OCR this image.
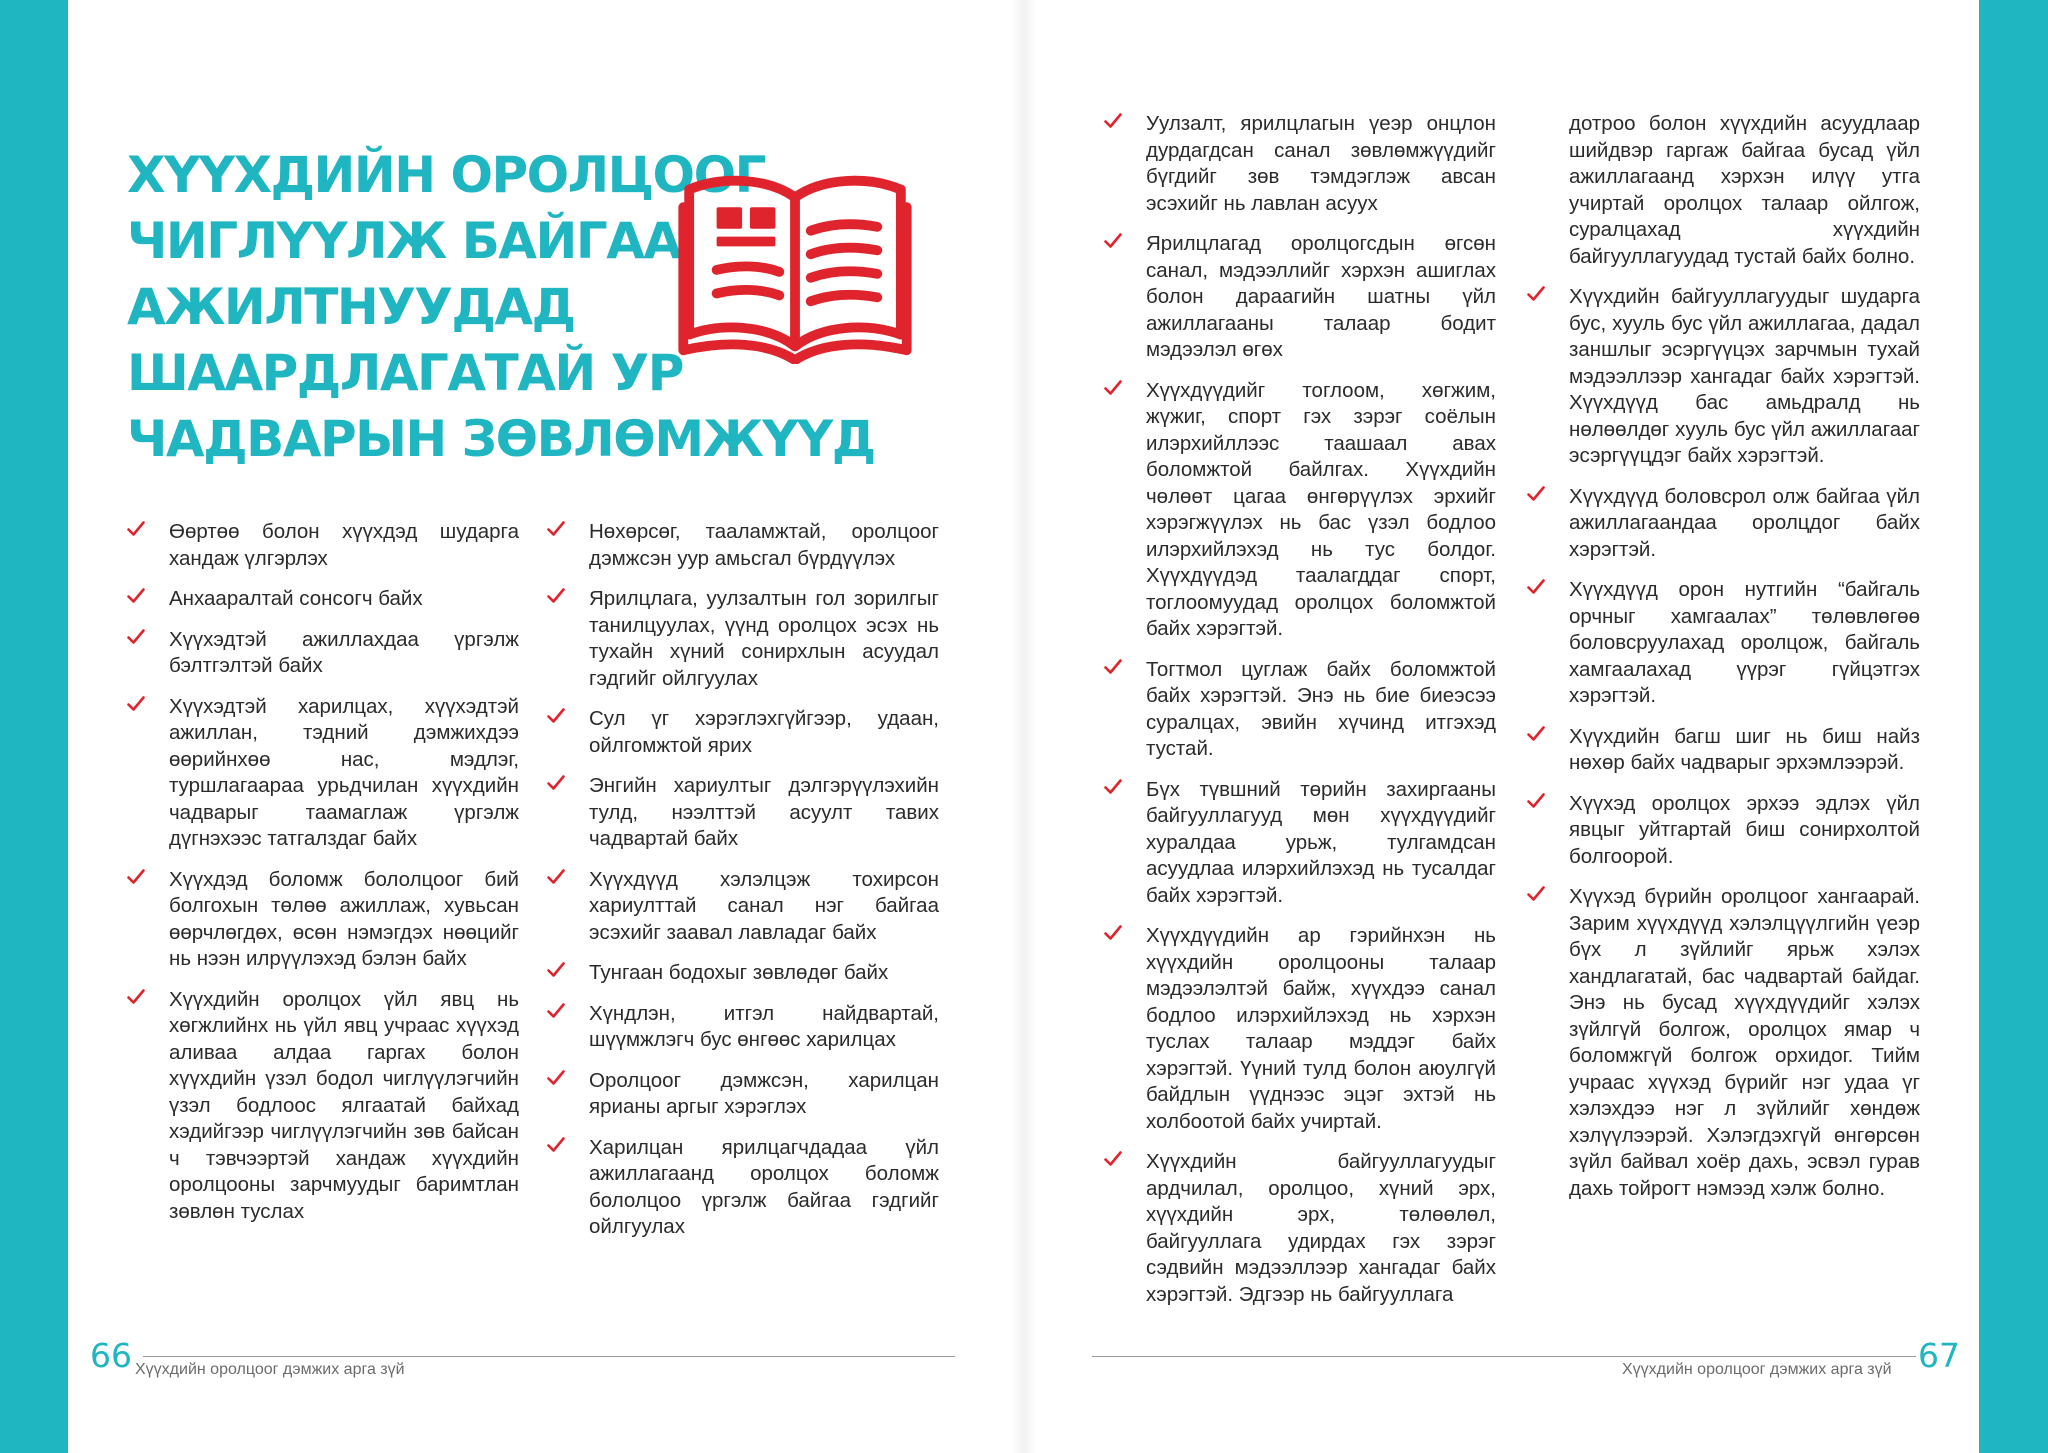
ХҮҮХДИЙН ОРОЛЦООГ
ЧИГЛҮҮЛЖ БАЙГАА
АЖИЛТНУУДАД
ШААРДЛАГАТАЙ УР
ЧАДВАРЫН ЗӨВЛӨМЖҮҮД
Өөртөө болон хүүхдэд шударга хандаж үлгэрлэх
Анхааралтай сонсогч байх
Хүүхэдтэй ажиллахдаа үргэлж бэлтгэлтэй байх
Хүүхэдтэй харилцах, хүүхэдтэй ажиллан, тэдний дэмжихдээ өөрийнхөө нас, мэдлэг, туршлагаараа урьдчилан хүүхдийн чадварыг таамаглаж үргэлж дүгнэхээс татгалздаг байх
Хүүхдэд боломж бололцоог бий болгохын төлөө ажиллаж, хувьсан өөрчлөгдөх, өсөн нэмэгдэх нөөцийг нь нээн илрүүлэхэд бэлэн байх
Хүүхдийн оролцох үйл явц нь хөгжлийнх нь үйл явц учраас хүүхэд аливаа алдаа гаргах болон хүүхдийн үзэл бодол чиглүүлэгчийн үзэл бодлоос ялгаатай байхад хэдийгээр чиглүүлэгчийн зөв байсан ч тэвчээртэй хандаж хүүхдийн оролцооны зарчмуудыг баримтлан зөвлөн туслах
Нөхөрсөг, тааламжтай, оролцоог дэмжсэн уур амьсгал бүрдүүлэх
Ярилцлага, уулзалтын гол зорилгыг танилцуулах, үүнд оролцох эсэх нь тухайн хүний сонирхлын асуудал гэдгийг ойлгуулах
Сул үг хэрэглэхгүйгээр, удаан, ойлгомжтой ярих
Энгийн хариултыг дэлгэрүүлэхийн тулд, нээлттэй асуулт тавих чадвартай байх
Хүүхдүүд хэлэлцэж тохирсон хариулттай санал нэг байгаа эсэхийг заавал лавладаг байх
Тунгаан бодохыг зөвлөдөг байх
Хүндлэн, итгэл найдвартай, шүүмжлэгч бус өнгөөс харилцах
Оролцоог дэмжсэн, харилцан ярианы аргыг хэрэглэх
Харилцан ярилцагчдадаа үйл ажиллагаанд оролцох боломж бололцоо үргэлж байгаа гэдгийг ойлгуулах
Уулзалт, ярилцлагын үеэр онцлон дурдагдсан санал зөвлөмжүүдийг бүгдийг зөв тэмдэглэж авсан эсэхийг нь лавлан асуух
Ярилцлагад оролцогсдын өгсөн санал, мэдээллийг хэрхэн ашиглах болон дараагийн шатны үйл ажиллагааны талаар бодит мэдээлэл өгөх
Хүүхдүүдийг тоглоом, хөгжим, жүжиг, спорт гэх зэрэг соёлын илэрхийллээс таашаал авах боломжтой байлгах. Хүүхдийн чөлөөт цагаа өнгөрүүлэх эрхийг хэрэгжүүлэх нь бас үзэл бодлоо илэрхийлэхэд нь тус болдог. Хүүхдүүдэд таалагддаг спорт, тоглоомуудад оролцох боломжтой байх хэрэгтэй.
Тогтмол цуглаж байх боломжтой байх хэрэгтэй. Энэ нь бие биеэсээ суралцах, эвийн хүчинд итгэхэд тустай.
Бүх түвшний төрийн захиргааны байгууллагууд мөн хүүхдүүдийг хуралдаа урьж, тулгамдсан асуудлаа илэрхийлэхэд нь тусалдаг байх хэрэгтэй.
Хүүхдүүдийн ар гэрийнхэн нь хүүхдийн оролцооны талаар мэдээлэлтэй байж, хүүхдээ санал бодлоо илэрхийлэхэд нь хэрхэн туслах талаар мэддэг байх хэрэгтэй. Үүний тулд болон аюулгүй байдлын үүднээс эцэг эхтэй нь холбоотой байх учиртай.
Хүүхдийн байгууллагуудыг ардчилал, оролцоо, хүний эрх, хүүхдийн эрх, төлөөлөл, байгууллага удирдах гэх зэрэг сэдвийн мэдээллээр хангадаг байх хэрэгтэй. Эдгээр нь байгууллага
дотроо болон хүүхдийн асуудлаар шийдвэр гаргаж байгаа бусад үйл ажиллагаанд хэрхэн илүү утга учиртай оролцох талаар ойлгож, суралцахад хүүхдийн байгууллагуудад тустай байх болно.
Хүүхдийн байгууллагуудыг шударга бус, хууль бус үйл ажиллагаа, дадал заншлыг эсэргүүцэх зарчмын тухай мэдээллээр хангадаг байх хэрэгтэй. Хүүхдүүд бас амьдралд нь нөлөөлдөг хууль бус үйл ажиллагааг эсэргүүцдэг байх хэрэгтэй.
Хүүхдүүд боловсрол олж байгаа үйл ажиллагаандаа оролцдог байх хэрэгтэй.
Хүүхдүүд орон нутгийн “байгаль орчныг хамгаалах” төлөвлөгөө боловсруулахад оролцож, байгаль хамгаалахад үүрэг гүйцэтгэх хэрэгтэй.
Хүүхдийн багш шиг нь биш найз нөхөр байх чадварыг эрхэмлээрэй.
Хүүхэд оролцох эрхээ эдлэх үйл явцыг уйтгартай биш сонирхолтой болгоорой.
Хүүхэд бүрийн оролцоог хангаарай. Зарим хүүхдүүд хэлэлцүүлгийн үеэр бүх л зүйлийг ярьж хэлэх хандлагатай, бас чадвартай байдаг. Энэ нь бусад хүүхдүүдийг хэлэх зүйлгүй болгож, оролцох ямар ч боломжгүй болгож орхидог. Тийм учраас хүүхэд бүрийг нэг удаа үг хэлэхдээ нэг л зүйлийг хөндөж хэлүүлээрэй. Хэлэгдэхгүй өнгөрсөн зүйл байвал хоёр дахь, эсвэл гурав дахь тойрогт нэмээд хэлж болно.
66 Хүүхдийн оролцоог дэмжих арга зүй	67
Хүүхдийн оролцоог дэмжих арга зүй
